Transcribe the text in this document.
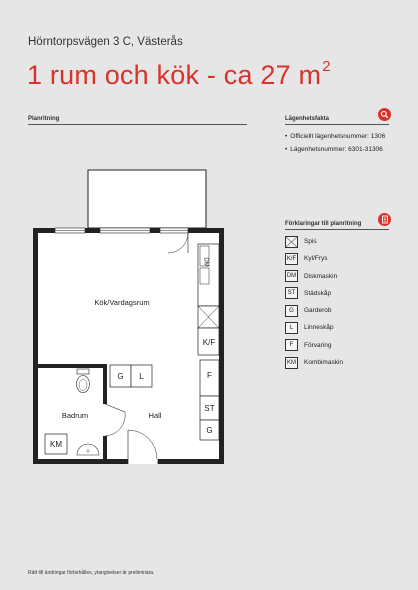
Hörntorpsvägen 3 C, Västerås
1 rum och kök - ca 27 $m^2$
Planritning	Lägenhetsfakta
• Officiellt lägenhetsnummer: 1306
• Lägenhetsnummer: 6301-31306
Förklaringar till planritning
Spis
K/F Kyl/Frys
DM Diskmaskin
ST	Städskåp
G	Garderob
L	Linneskåp
F	Förvaring
KM	Kombimaskin
DM
K/F
F
ST
G
G L
KM
Kök/Vardagsrum
Badrum	Hall
Rätt till ändringar förbehålles, ytangivelser är preliminära.
